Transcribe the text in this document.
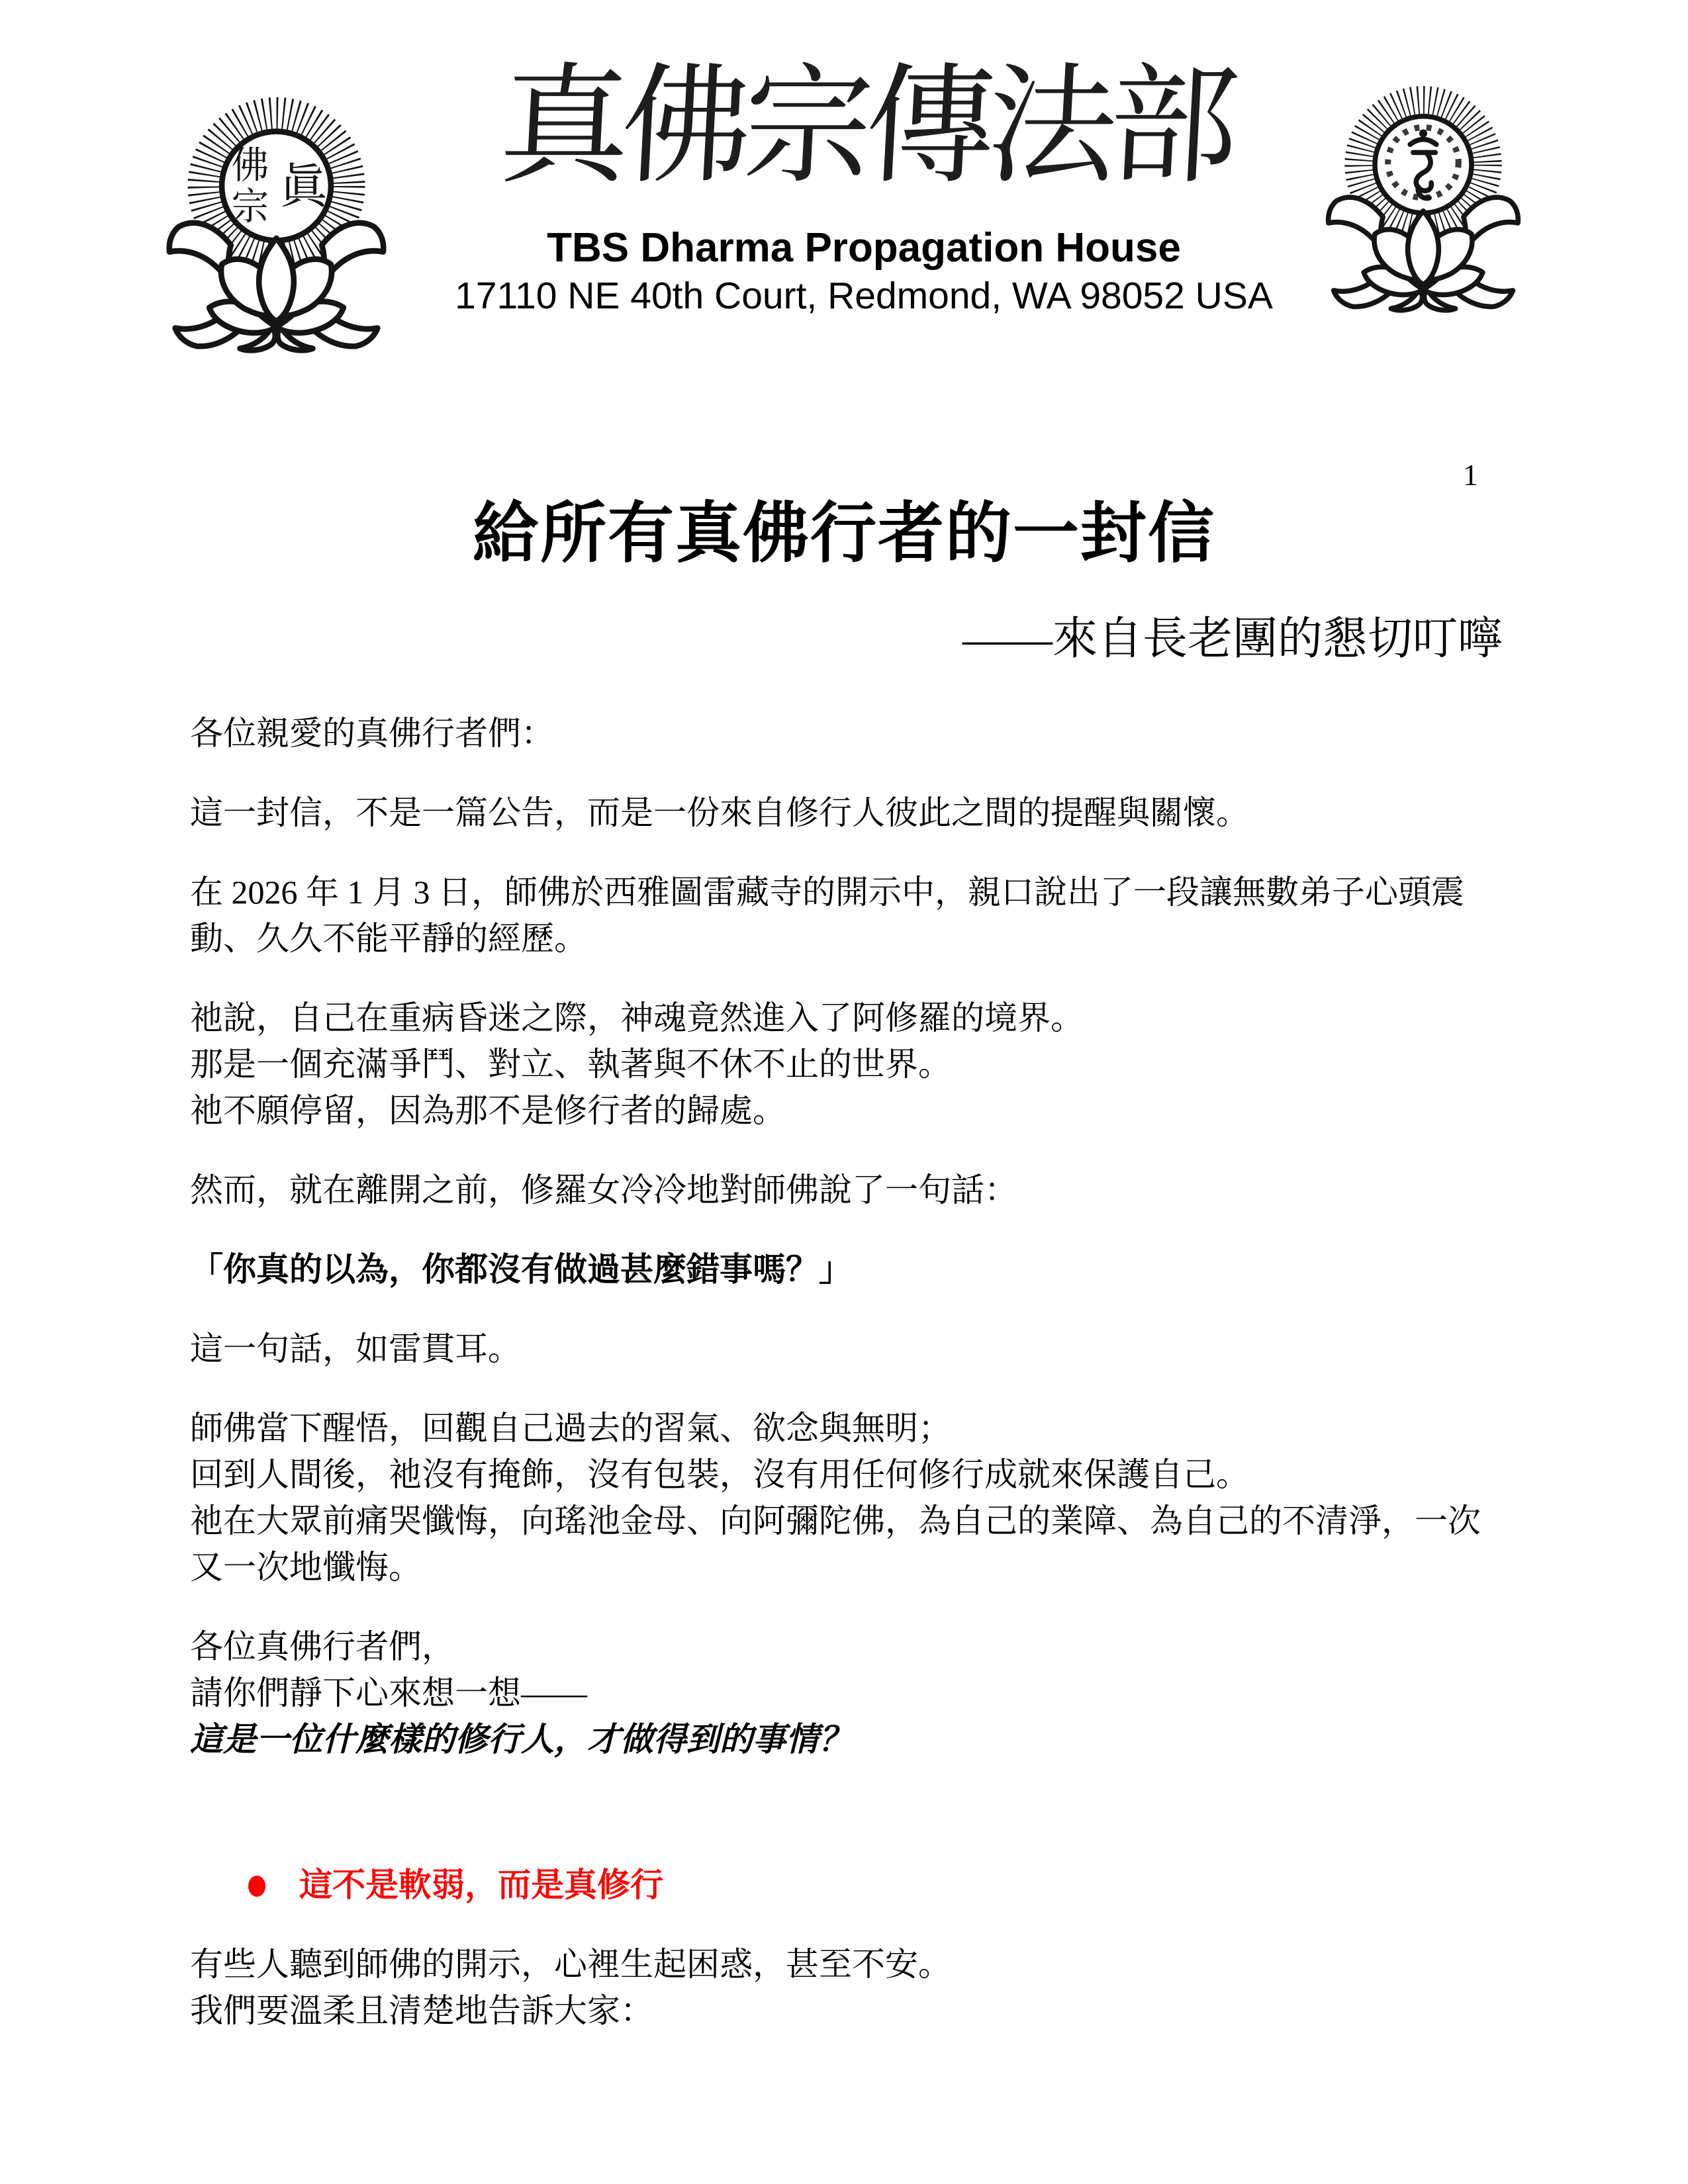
眞
佛
宗
真佛宗傳法部
TBS Dharma Propagation House
17110 NE 40th Court, Redmond, WA 98052 USA
1
給所有真佛行者的一封信
——來自長老團的懇切叮嚀
各位親愛的真佛行者們：
這一封信，不是一篇公告，而是一份來自修行人彼此之間的提醒與關懷。
在 2026 年 1 月 3 日，師佛於西雅圖雷藏寺的開示中，親口說出了一段讓無數弟子心頭震
動、久久不能平靜的經歷。
祂說，自己在重病昏迷之際，神魂竟然進入了阿修羅的境界。
那是一個充滿爭鬥、對立、執著與不休不止的世界。
祂不願停留，因為那不是修行者的歸處。
然而，就在離開之前，修羅女冷冷地對師佛說了一句話：
「你真的以為，你都沒有做過甚麼錯事嗎？」
這一句話，如雷貫耳。
師佛當下醒悟，回觀自己過去的習氣、欲念與無明；
回到人間後，祂沒有掩飾，沒有包裝，沒有用任何修行成就來保護自己。
祂在大眾前痛哭懺悔，向瑤池金母、向阿彌陀佛，為自己的業障、為自己的不清淨，一次
又一次地懺悔。
各位真佛行者們，
請你們靜下心來想一想——
這是一位什麼樣的修行人，才做得到的事情？
這不是軟弱，而是真修行
有些人聽到師佛的開示，心裡生起困惑，甚至不安。
我們要溫柔且清楚地告訴大家：
